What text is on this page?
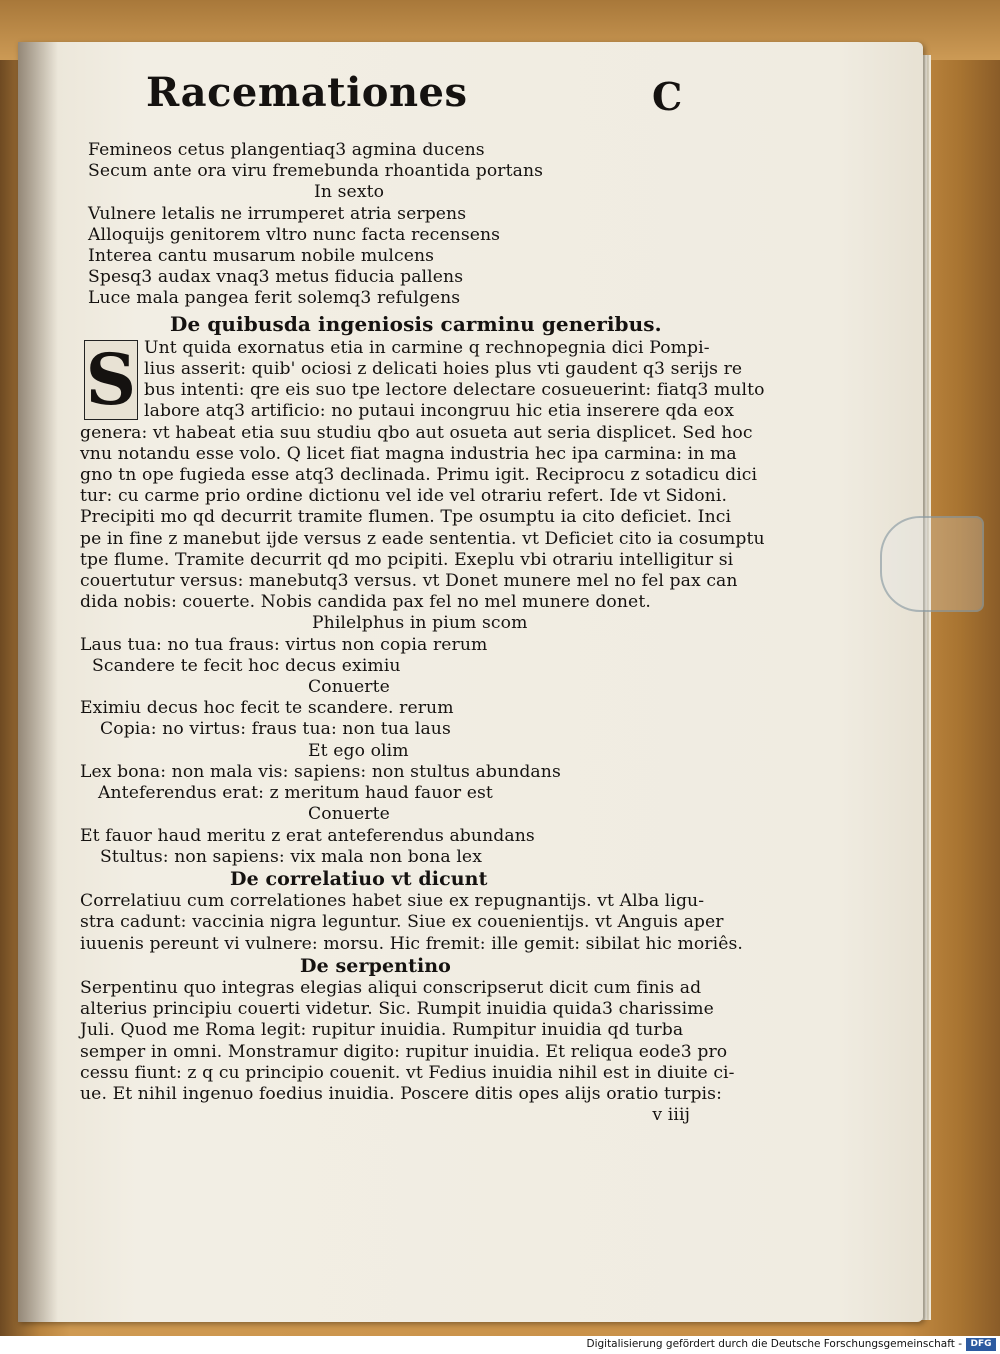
Racemationes	C
Femineos cetus plangentiaq3 agmina ducens
Secum ante ora viru fremebunda rhoantida portans
In sexto
Vulnere letalis ne irrumperet atria serpens
Alloquijs genitorem vltro nunc facta recensens
Interea cantu musarum nobile mulcens
Spesq3 audax vnaq3 metus fiducia pallens
Luce mala pangea ferit solemq3 refulgens
De quibusda ingeniosis carminu generibus.
S Unt quida exornatus etia in carmine q rechnopegnia dici Pompi-
lius asserit: quib' ociosi z delicati hoies plus vti gaudent q3 serijs re
bus intenti: qre eis suo tpe lectore delectare cosueuerint: fiatq3 multo
labore atq3 artificio: no putaui incongruu hic etia inserere qda eox
genera: vt habeat etia suu studiu qbo aut osueta aut seria displicet. Sed hoc
vnu notandu esse volo. Q licet fiat magna industria hec ipa carmina: in ma
gno tn ope fugieda esse atq3 declinada. Primu igit. Reciprocu z sotadicu dici
tur: cu carme prio ordine dictionu vel ide vel otrariu refert. Ide vt Sidoni.
Precipiti mo qd decurrit tramite flumen. Tpe osumptu ia cito deficiet. Inci
pe in fine z manebut ijde versus z eade sententia. vt Deficiet cito ia cosumptu
tpe flume. Tramite decurrit qd mo pcipiti. Exeplu vbi otrariu intelligitur si
couertutur versus: manebutq3 versus. vt Donet munere mel no fel pax can
dida nobis: couerte. Nobis candida pax fel no mel munere donet.
Philelphus in pium scom
Laus tua: no tua fraus: virtus non copia rerum
Scandere te fecit hoc decus eximiu
Conuerte
Eximiu decus hoc fecit te scandere. rerum
Copia: no virtus: fraus tua: non tua laus
Et ego olim
Lex bona: non mala vis: sapiens: non stultus abundans
Anteferendus erat: z meritum haud fauor est
Conuerte
Et fauor haud meritu z erat anteferendus abundans
Stultus: non sapiens: vix mala non bona lex
De correlatiuo vt dicunt
Correlatiuu cum correlationes habet siue ex repugnantijs. vt Alba ligu-
stra cadunt: vaccinia nigra leguntur. Siue ex couenientijs. vt Anguis aper
iuuenis pereunt vi vulnere: morsu. Hic fremit: ille gemit: sibilat hic moriês.
De serpentino
Serpentinu quo integras elegias aliqui conscripserut dicit cum finis ad
alterius principiu couerti videtur. Sic. Rumpit inuidia quida3 charissime
Juli. Quod me Roma legit: rupitur inuidia. Rumpitur inuidia qd turba
semper in omni. Monstramur digito: rupitur inuidia. Et reliqua eode3 pro
cessu fiunt: z q cu principio couenit. vt Fedius inuidia nihil est in diuite ci-
ue. Et nihil ingenuo foedius inuidia. Poscere ditis opes alijs oratio turpis:
v iiij
Digitalisierung gefördert durch die Deutsche Forschungsgemeinschaft - DFG
